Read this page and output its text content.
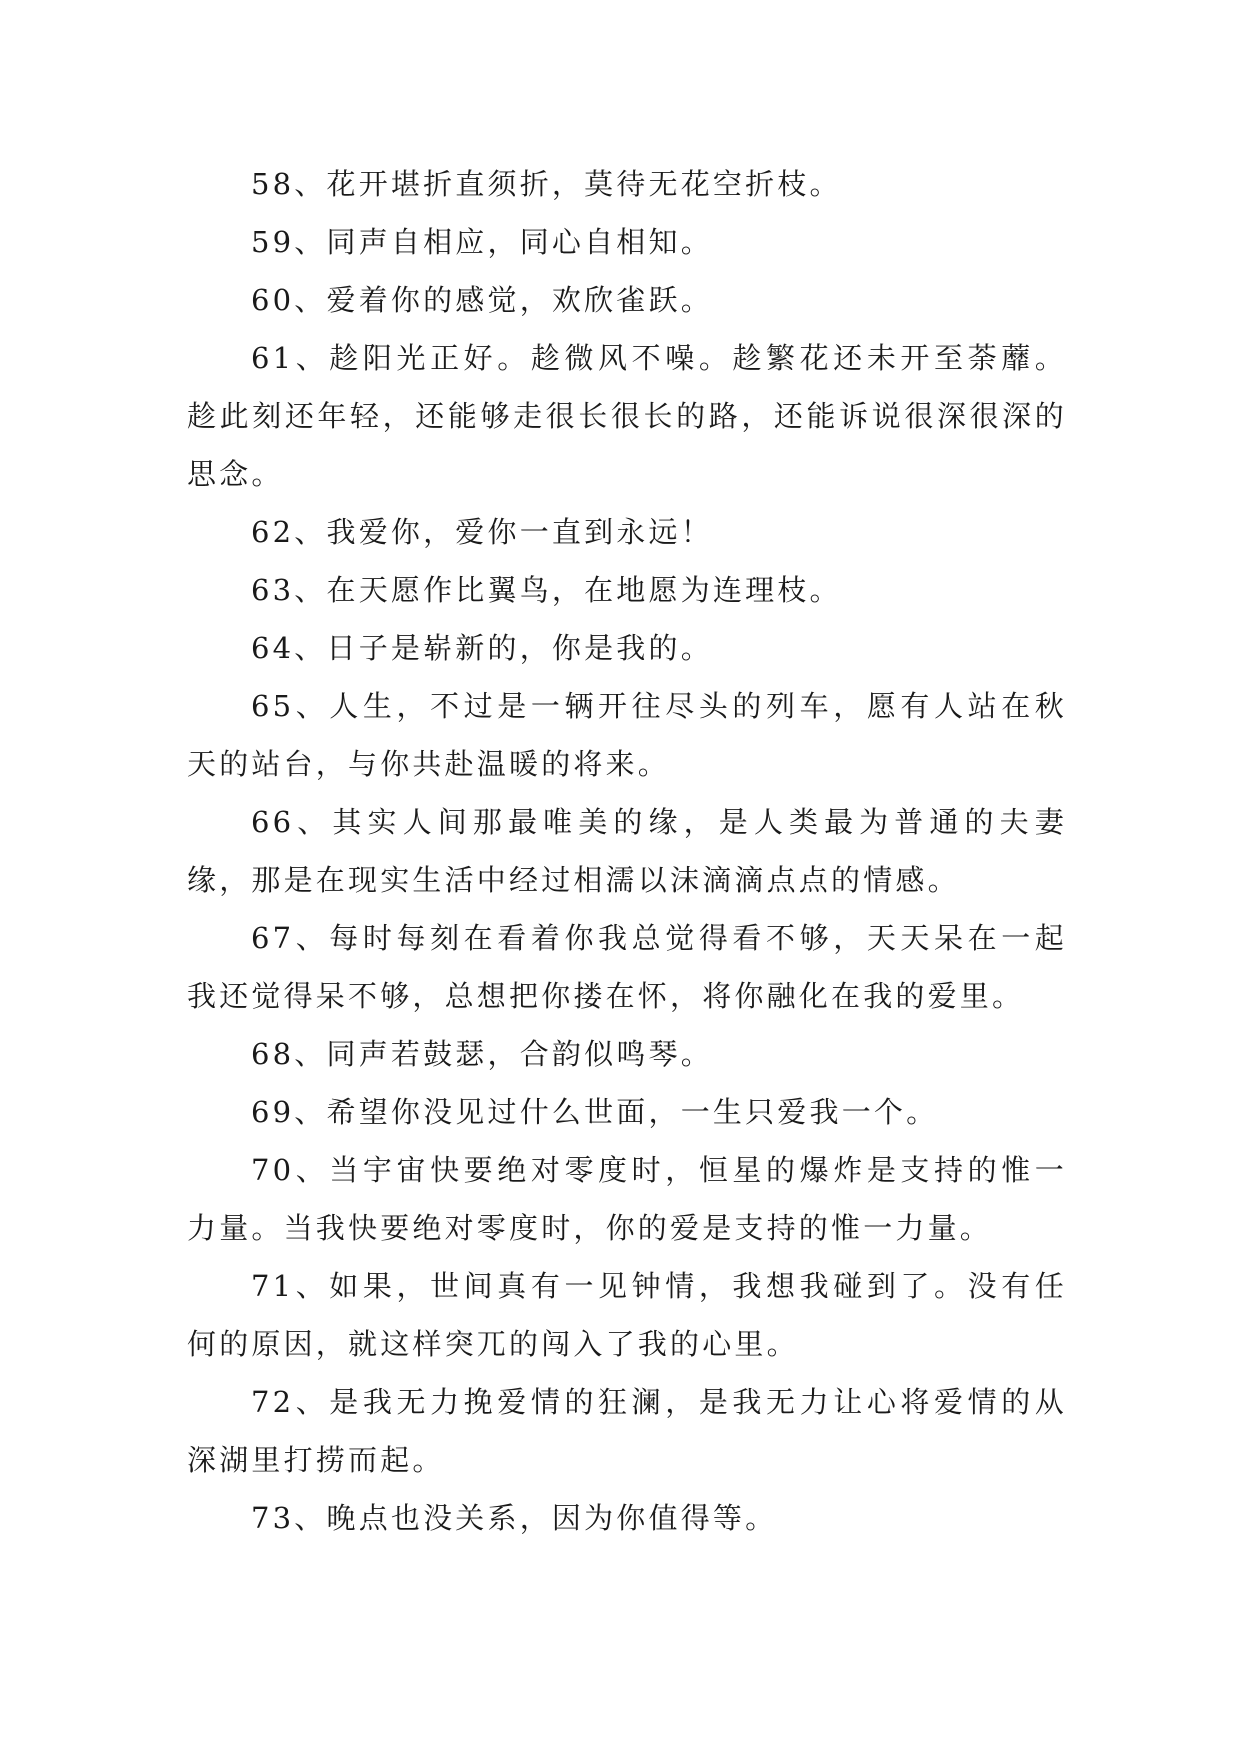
58、花开堪折直须折，莫待无花空折枝。

59、同声自相应，同心自相知。

60、爱着你的感觉，欢欣雀跃。

61、趁阳光正好。趁微风不噪。趁繁花还未开至荼蘼。趁此刻还年轻，还能够走很长很长的路，还能诉说很深很深的思念。

62、我爱你，爱你一直到永远！

63、在天愿作比翼鸟，在地愿为连理枝。

64、日子是崭新的，你是我的。

65、人生，不过是一辆开往尽头的列车，愿有人站在秋天的站台，与你共赴温暖的将来。

66、其实人间那最唯美的缘，是人类最为普通的夫妻缘，那是在现实生活中经过相濡以沫滴滴点点的情感。

67、每时每刻在看着你我总觉得看不够，天天呆在一起我还觉得呆不够，总想把你搂在怀，将你融化在我的爱里。

68、同声若鼓瑟，合韵似鸣琴。

69、希望你没见过什么世面，一生只爱我一个。

70、当宇宙快要绝对零度时，恒星的爆炸是支持的惟一力量。当我快要绝对零度时，你的爱是支持的惟一力量。

71、如果，世间真有一见钟情，我想我碰到了。没有任何的原因，就这样突兀的闯入了我的心里。

72、是我无力挽爱情的狂澜，是我无力让心将爱情的从深湖里打捞而起。

73、晚点也没关系，因为你值得等。
